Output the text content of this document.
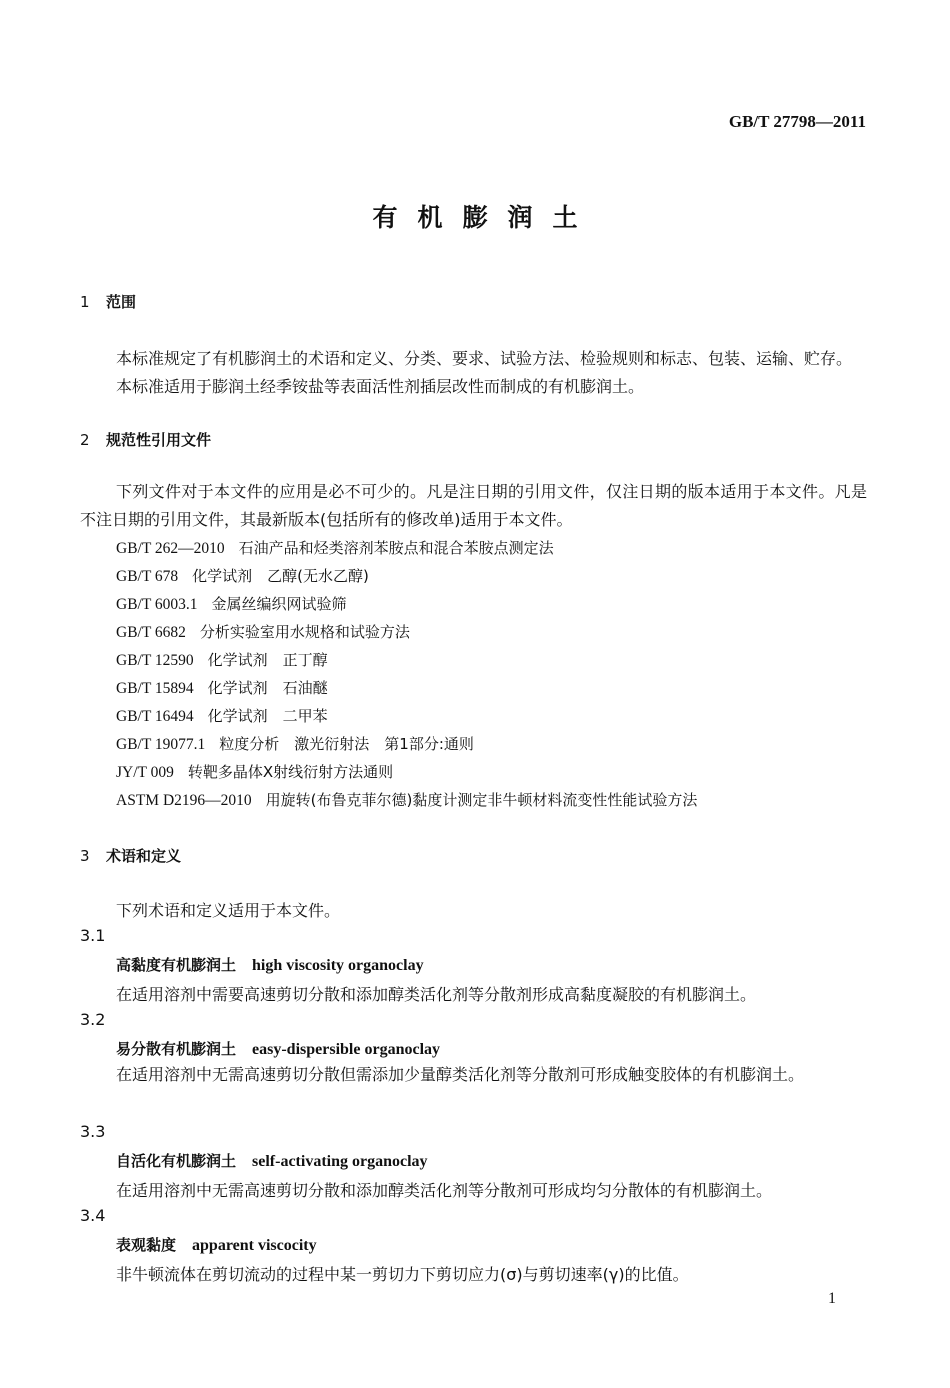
GB/T 27798—2011
有机膨润土
1 范围
本标准规定了有机膨润土的术语和定义、分类、要求、试验方法、检验规则和标志、包装、运输、贮存。
本标准适用于膨润土经季铵盐等表面活性剂插层改性而制成的有机膨润土。
2 规范性引用文件
下列文件对于本文件的应用是必不可少的。凡是注日期的引用文件，仅注日期的版本适用于本文件。凡是不注日期的引用文件，其最新版本(包括所有的修改单)适用于本文件。
GB/T 262—2010 石油产品和烃类溶剂苯胺点和混合苯胺点测定法
GB/T 678 化学试剂　乙醇(无水乙醇)
GB/T 6003.1 金属丝编织网试验筛
GB/T 6682 分析实验室用水规格和试验方法
GB/T 12590 化学试剂　正丁醇
GB/T 15894 化学试剂　石油醚
GB/T 16494 化学试剂　二甲苯
GB/T 19077.1 粒度分析　激光衍射法　第1部分:通则
JY/T 009 转靶多晶体X射线衍射方法通则
ASTM D2196—2010 用旋转(布鲁克菲尔德)黏度计测定非牛顿材料流变性性能试验方法
3 术语和定义
下列术语和定义适用于本文件。
3.1
高黏度有机膨润土 high viscosity organoclay
在适用溶剂中需要高速剪切分散和添加醇类活化剂等分散剂形成高黏度凝胶的有机膨润土。
3.2
易分散有机膨润土 easy-dispersible organoclay
在适用溶剂中无需高速剪切分散但需添加少量醇类活化剂等分散剂可形成触变胶体的有机膨润土。
3.3
自活化有机膨润土 self-activating organoclay
在适用溶剂中无需高速剪切分散和添加醇类活化剂等分散剂可形成均匀分散体的有机膨润土。
3.4
表观黏度 apparent viscocity
非牛顿流体在剪切流动的过程中某一剪切力下剪切应力(σ)与剪切速率(γ)的比值。
1
